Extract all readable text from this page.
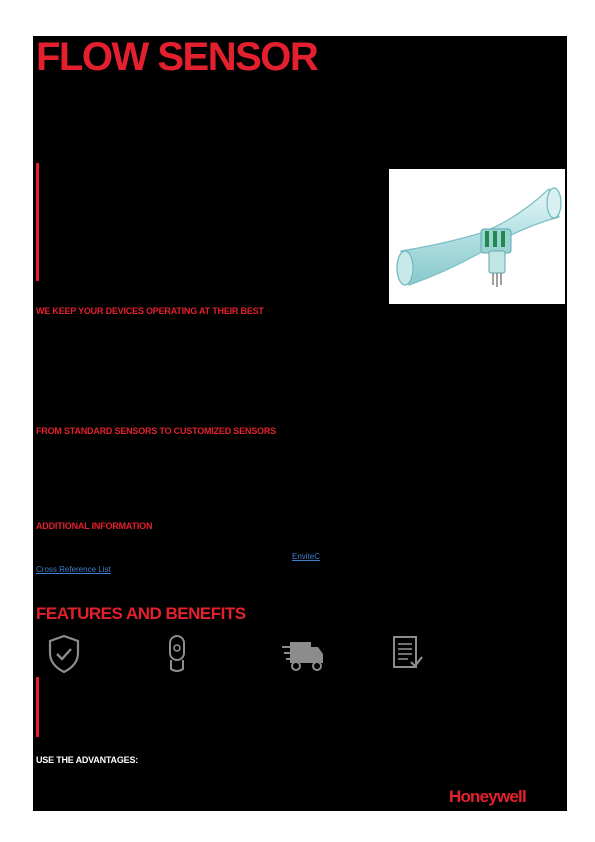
FLOW SENSOR
WE KEEP YOUR DEVICES OPERATING AT THEIR BEST
FROM STANDARD SENSORS TO CUSTOMIZED SENSORS
ADDITIONAL INFORMATION
EnviteC
Cross Reference List
FEATURES AND BENEFITS
USE THE ADVANTAGES:
Honeywell
